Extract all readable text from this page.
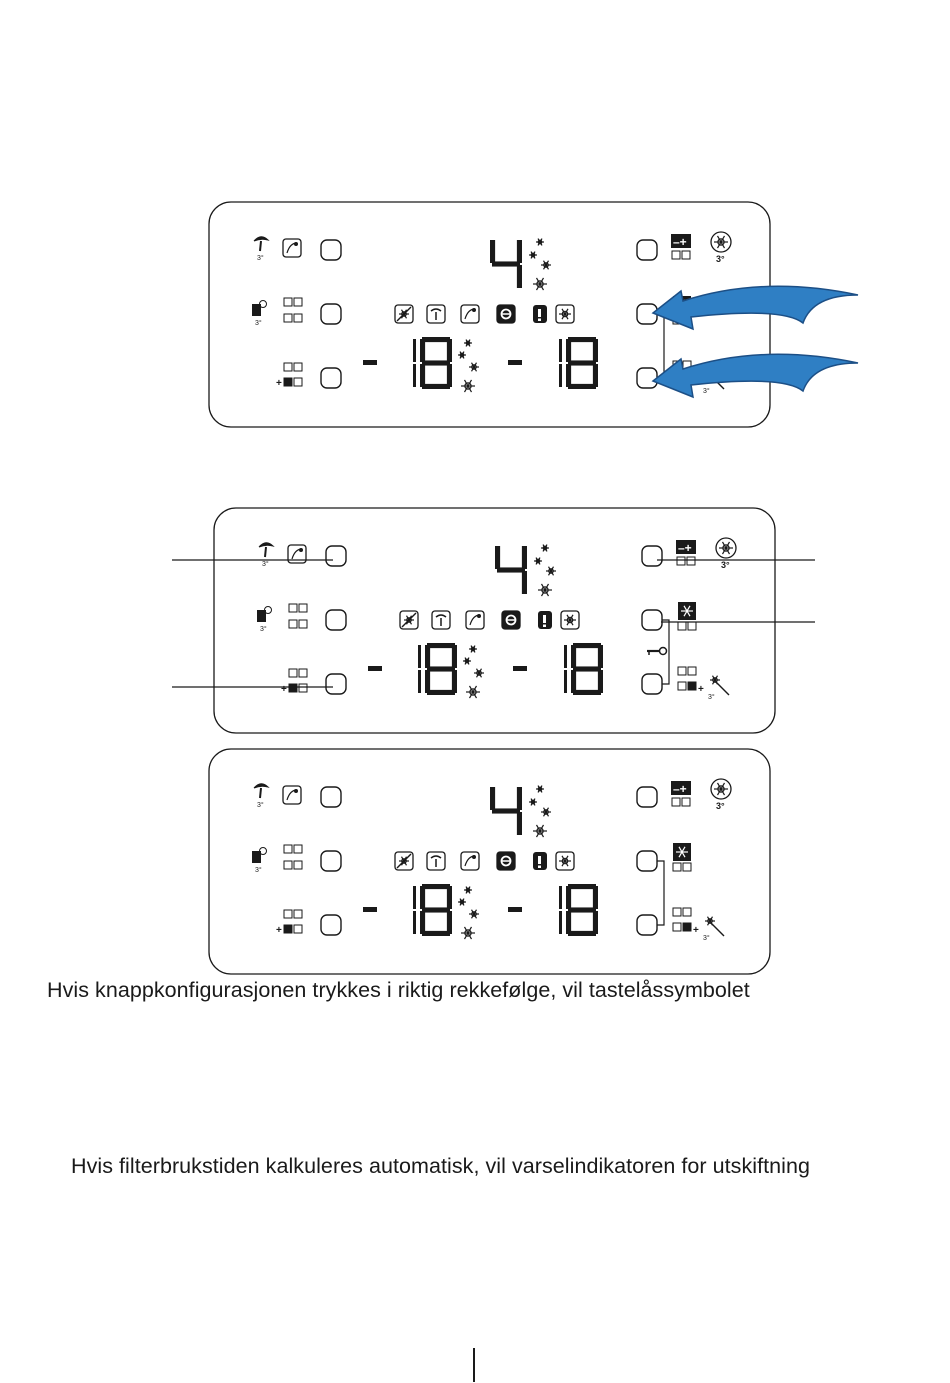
3°
3°
+
–+
3°
3°
3°
3°
+
–+
3°
+
3°
3°
3°
+
–+
3°
+
3°
Hvis knappkonfigurasjonen trykkes i riktig rekkefølge, vil tastelåssymbolet
Hvis filterbrukstiden kalkuleres automatisk, vil varselindikatoren for utskiftning
